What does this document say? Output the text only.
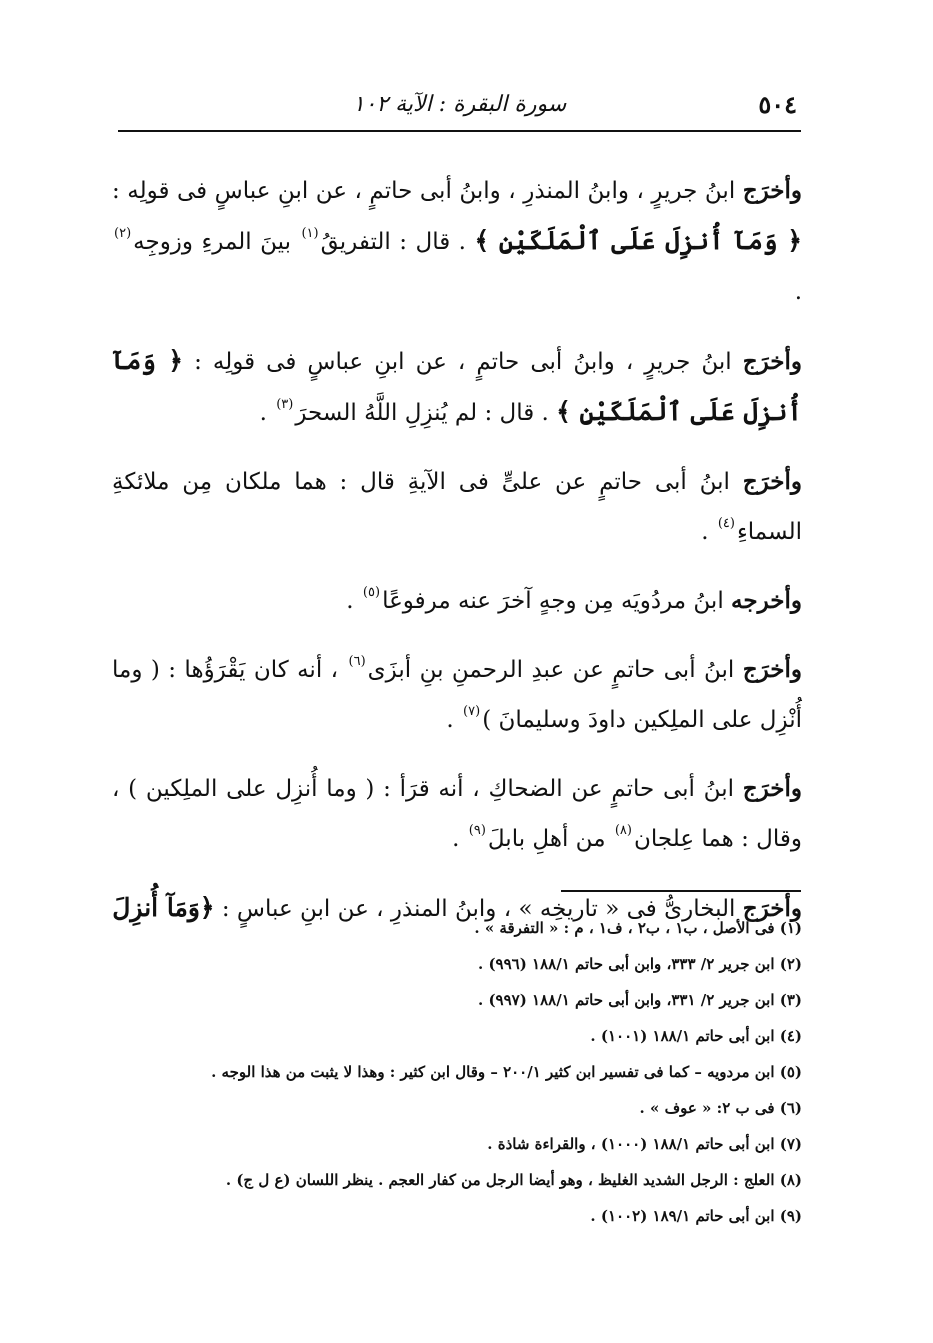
٥٠٤
سورة البقرة : الآية ١٠٢

وأخرَج ابنُ جريرٍ ، وابنُ المنذرِ ، وابنُ أبى حاتمٍ ، عن ابنِ عباسٍ فى قولِه : ﴿ وَمَآ أُنزِلَ عَلَى ٱلْمَلَكَيْنِ ﴾ . قال : التفريقُ$^{(١)}$ بينَ المرءِ وزوجِه$^{(٢)}$ .

وأخرَج ابنُ جريرٍ ، وابنُ أبى حاتمٍ ، عن ابنِ عباسٍ فى قولِه : ﴿ وَمَآ أُنزِلَ عَلَى ٱلْمَلَكَيْنِ ﴾ . قال : لم يُنزِلِ اللَّهُ السحرَ$^{(٣)}$ .

وأخرَج ابنُ أبى حاتمٍ عن علىٍّ فى الآيةِ قال : هما ملكان مِن ملائكةِ السماءِ$^{(٤)}$ .

وأخرجه ابنُ مردُويَه مِن وجهٍ آخرَ عنه مرفوعًا$^{(٥)}$ .

وأخرَج ابنُ أبى حاتمٍ عن عبدِ الرحمنِ بنِ أبزَى$^{(٦)}$ ، أنه كان يَقْرَؤُها : ( وما أُنْزِل على الملِكين داودَ وسليمانَ )$^{(٧)}$ .

وأخرَج ابنُ أبى حاتمٍ عن الضحاكِ ، أنه قرَأ : ( وما أُنزِل على الملِكين ) ، وقال : هما عِلجان$^{(٨)}$ من أهلِ بابلَ$^{(٩)}$ .

وأخرَج البخارىُّ فى « تاريخِه » ، وابنُ المنذرِ ، عن ابنِ عباسٍ : ﴿وَمَآ أُنزِلَ

(١) فى الأصل ، ب١ ، ب٢ ، ف١ ، م : « التفرقة » .

(٢) ابن جرير ٢/ ٣٣٣، وابن أبى حاتم ١٨٨/١ (٩٩٦) .

(٣) ابن جرير ٢/ ٣٣١، وابن أبى حاتم ١٨٨/١ (٩٩٧) .

(٤) ابن أبى حاتم ١٨٨/١ (١٠٠١) .

(٥) ابن مردويه – كما فى تفسير ابن كثير ٢٠٠/١ – وقال ابن كثير : وهذا لا يثبت من هذا الوجه .

(٦) فى ب ٢: « عوف » .

(٧) ابن أبى حاتم ١٨٨/١ (١٠٠٠) ، والقراءة شاذة .

(٨) العلج : الرجل الشديد الغليظ ، وهو أيضا الرجل من كفار العجم . ينظر اللسان (ع ل ج) .

(٩) ابن أبى حاتم ١٨٩/١ (١٠٠٢) .
